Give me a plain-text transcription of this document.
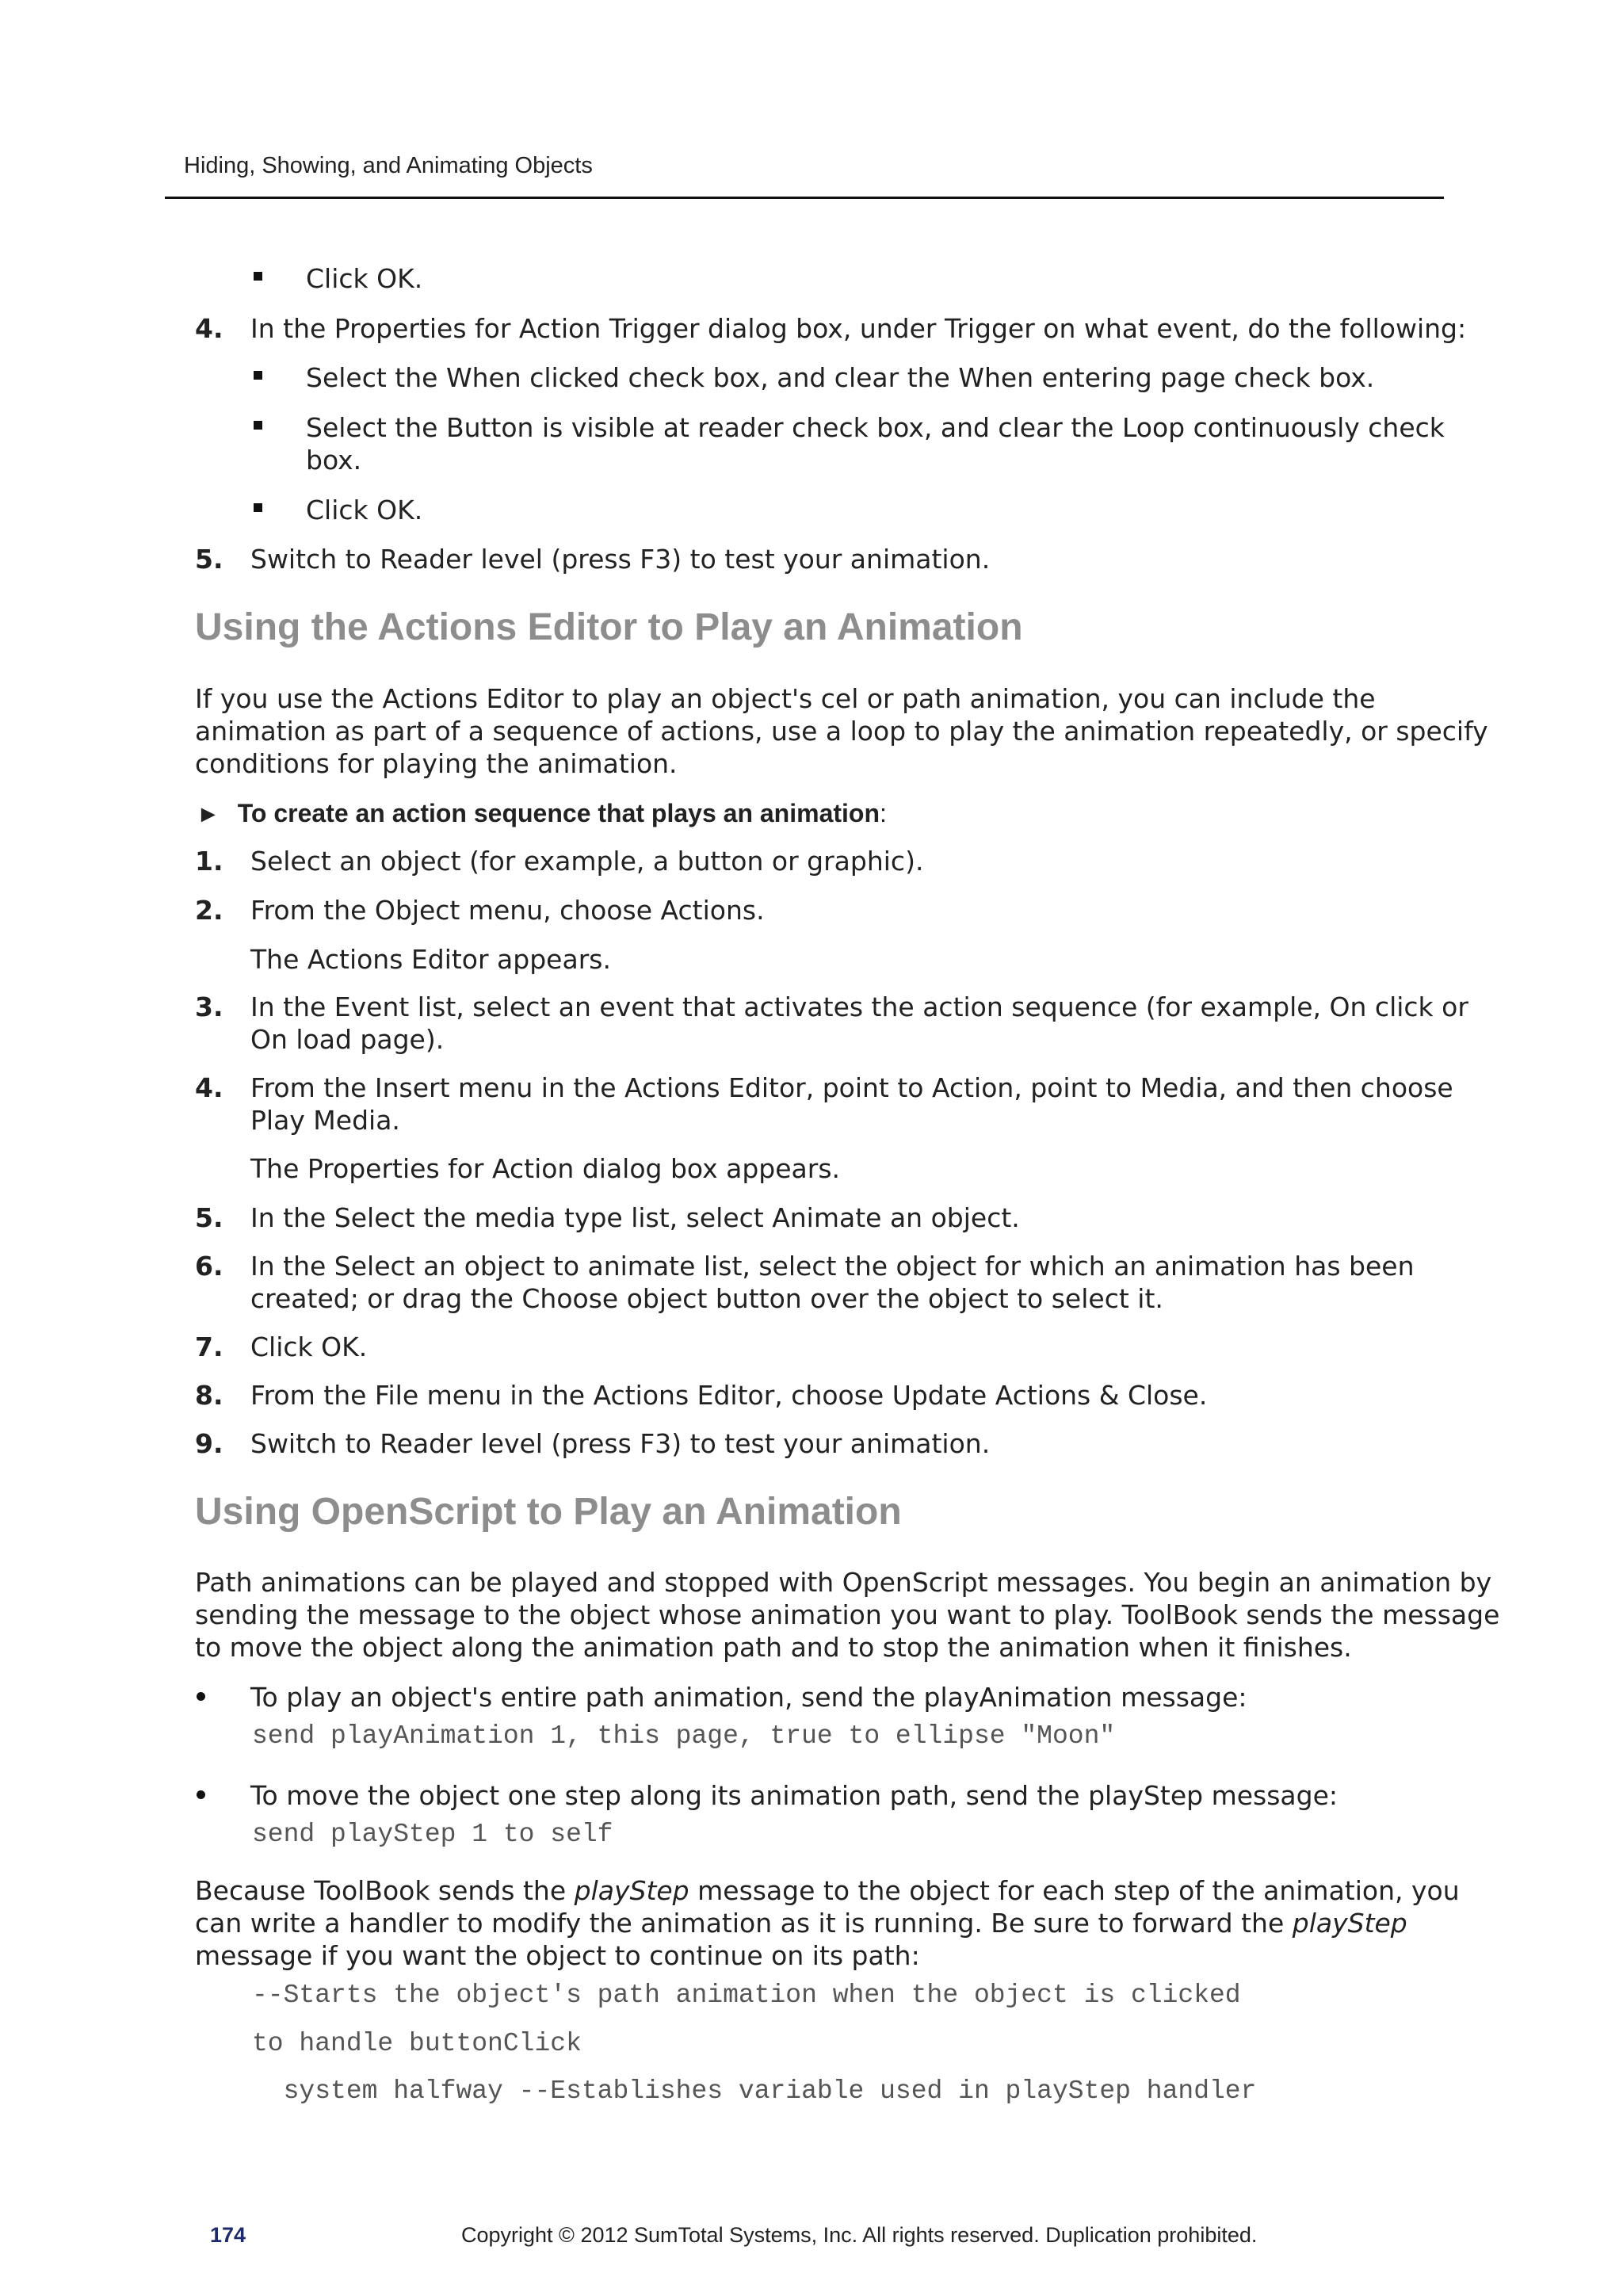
Hiding, Showing, and Animating Objects
Click OK.
4. In the Properties for Action Trigger dialog box, under Trigger on what event, do the following:
Select the When clicked check box, and clear the When entering page check box.
Select the Button is visible at reader check box, and clear the Loop continuously check
box.
Click OK.
5. Switch to Reader level (press F3) to test your animation.
Using the Actions Editor to Play an Animation
If you use the Actions Editor to play an object's cel or path animation, you can include the
animation as part of a sequence of actions, use a loop to play the animation repeatedly, or specify
conditions for playing the animation.
► To create an action sequence that plays an animation:
1. Select an object (for example, a button or graphic).
2. From the Object menu, choose Actions.
The Actions Editor appears.
3. In the Event list, select an event that activates the action sequence (for example, On click or
On load page).
4. From the Insert menu in the Actions Editor, point to Action, point to Media, and then choose
Play Media.
The Properties for Action dialog box appears.
5. In the Select the media type list, select Animate an object.
6. In the Select an object to animate list, select the object for which an animation has been
created; or drag the Choose object button over the object to select it.
7. Click OK.
8. From the File menu in the Actions Editor, choose Update Actions & Close.
9. Switch to Reader level (press F3) to test your animation.
Using OpenScript to Play an Animation
Path animations can be played and stopped with OpenScript messages. You begin an animation by
sending the message to the object whose animation you want to play. ToolBook sends the message
to move the object along the animation path and to stop the animation when it finishes.
To play an object's entire path animation, send the playAnimation message:
send playAnimation 1, this page, true to ellipse "Moon"
To move the object one step along its animation path, send the playStep message:
send playStep 1 to self
Because ToolBook sends the playStep message to the object for each step of the animation, you
can write a handler to modify the animation as it is running. Be sure to forward the playStep
message if you want the object to continue on its path:
--Starts the object's path animation when the object is clicked
to handle buttonClick
system halfway --Establishes variable used in playStep handler
174	Copyright © 2012 SumTotal Systems, Inc. All rights reserved. Duplication prohibited.
